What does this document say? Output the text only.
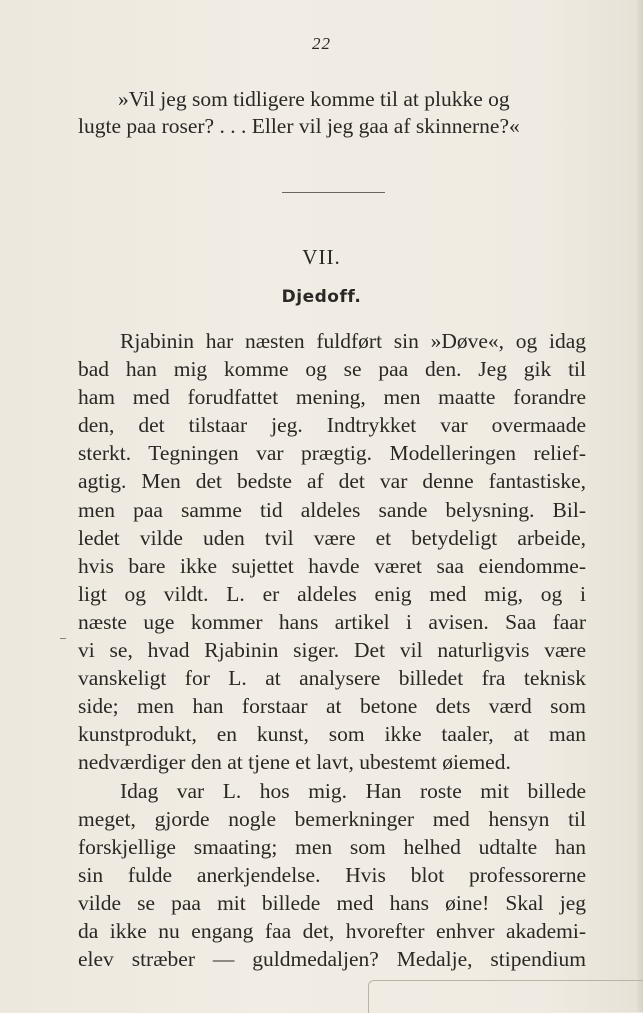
22
»Vil jeg som tidligere komme til at plukke og
lugte paa roser? . . . Eller vil jeg gaa af skinnerne?«
VII.
Djedoff.
Rjabinin har næsten fuldført sin »Døve«, og idag
bad han mig komme og se paa den. Jeg gik til
ham med forudfattet mening, men maatte forandre
den, det tilstaar jeg. Indtrykket var overmaade
sterkt. Tegningen var prægtig. Modelleringen relief-
agtig. Men det bedste af det var denne fantastiske,
men paa samme tid aldeles sande belysning. Bil-
ledet vilde uden tvil være et betydeligt arbeide,
hvis bare ikke sujettet havde været saa eiendomme-
ligt og vildt. L. er aldeles enig med mig, og i
næste uge kommer hans artikel i avisen. Saa faar
vi se, hvad Rjabinin siger. Det vil naturligvis være
vanskeligt for L. at analysere billedet fra teknisk
side; men han forstaar at betone dets værd som
kunstprodukt, en kunst, som ikke taaler, at man
nedværdiger den at tjene et lavt, ubestemt øiemed.
Idag var L. hos mig. Han roste mit billede
meget, gjorde nogle bemerkninger med hensyn til
forskjellige smaating; men som helhed udtalte han
sin fulde anerkjendelse. Hvis blot professorerne
vilde se paa mit billede med hans øine! Skal jeg
da ikke nu engang faa det, hvorefter enhver akademi-
elev stræber — guldmedaljen? Medalje, stipendium
